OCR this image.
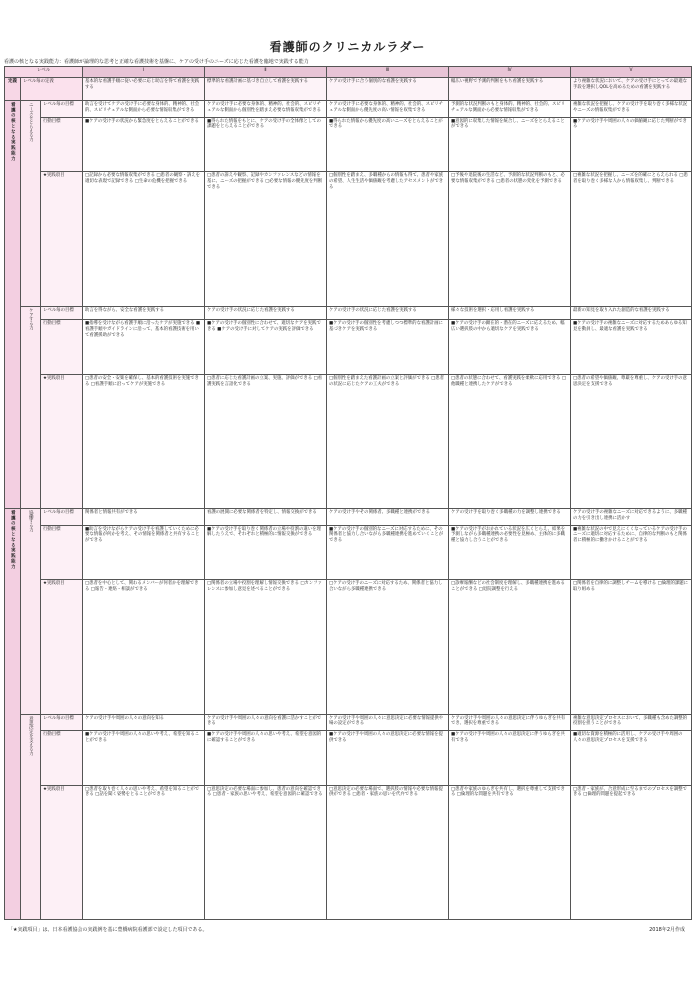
看護師のクリニカルラダー
看護の核となる実践能力：看護師が論理的な思考と正確な看護技術を基盤に、ケアの受け手のニーズに応じた看護を臨地で実践する能力
レベル			Ⅰ	Ⅱ	Ⅲ	Ⅳ	Ⅴ
定義	レベル毎の定義		基本的な看護手順に従い必要に応じ助言を得て看護を実践する	標準的な看護計画に基づき自立して看護を実践する	ケアの受け手に合う個別的な看護を実践する	幅広い視野で予測的判断をもち看護を実践する	より複雑な状況において、ケアの受け手にとっての最適な手段を選択しQOLを高めるための看護を実践する
看護の核となる実践能力	ニーズをとらえる力	レベル毎の目標	助言を受けてケアの受け手に必要な身体的、精神的、社会的、スピリチュアルな側面から必要な情報収集ができる	ケアの受け手に必要な身体的、精神的、社会的、スピリチュアルな側面から個別性を踏まえ必要な情報収集ができる	ケアの受け手に必要な身体的、精神的、社会的、スピリチュアルな側面から優先度の高い情報を収集できる	予測的な状況判断のもと身体的、精神的、社会的、スピリチュアルな側面から必要な情報収集ができる	複雑な状況を把握し、ケアの受け手を取り巻く多様な状況やニーズの情報収集ができる
		行動目標	■ケアの受け手の状況から緊急度をとらえることができる	■得られた情報をもとに、ケアの受け手の全体像としての課題をとらえることができる	■得られた情報から優先度の高いニーズをとらえることができる	■意図的に収集した情報を統合し、ニーズをとらえることができる	■ケアの受け手や周囲の人々の価値観に応じた判断ができる
		★実践項目	□記録から必要な情報収集ができる □患者の観察・訴えを適切な表現で記録できる □生命の危機を把握できる	□患者の訴えや観察、記録やカンファレンスなどの情報を基に、ニーズの把握ができる □必要な情報の優先度を判断できる	□個別性を踏まえ、多職種からの情報も得て、患者や家族の希望、人生生活や価値観を考慮したアセスメントができる	□予後や退院後の生活など、予測的な状況判断のもと、必要な情報収集ができる □患者の状態の変化を予測できる	□複雑な状況を把握し、ニーズを的確にとらえられる □患者を取り巻く多様な人から情報収集し、判断できる
	ケアする力	レベル毎の目標	助言を得ながら、安全な看護を実践する	ケアの受け手の状況に応じた看護を実践する	ケアの受け手の状況に応じた看護を実践する	様々な技術を選択・応用し看護を実践する	最新の知見を取り入れた創造的な看護を実践する
		行動目標	■指導を受けながら看護手順に沿ったケアが実施できる ■看護手順やガイドラインに沿って、基本的看護技術を用いて看護援助ができる	■ケアの受け手の個別性に合わせて、適切なケアを実践できる ■ケアの受け手に対してケアの実践を評価できる	■ケアの受け手の個別性を考慮しつつ標準的な看護計画に基づきケアを実践できる	■ケアの受け手の顕在的・潜在的ニーズに応えるため、幅広い選択肢の中から適切なケアを実践できる	■ケアの受け手の複雑なニーズに対応するためあらゆる知見を動員し、最適な看護を実践できる
		★実践項目	□患者の安全・安楽を確保し、基本的看護技術を実施できる □看護手順に沿ってケアが実施できる	□患者に応じた看護計画の立案、実施、評価ができる □看護実践を言語化できる	□個別性を踏まえた看護計画の立案と評価ができる □患者の状況に応じたケアの工夫ができる	□患者の状態に合わせて、看護実践を柔軟に応用できる □他職種と連携したケアができる	□患者の希望や価値観、尊厳を尊重し、ケアの受け手の意思決定を支援できる
看護の核となる実践能力	協働する力	レベル毎の目標	関係者と情報共有ができる	看護の展開に必要な関係者を特定し、情報交換ができる	ケアの受け手やその関係者、多職種と連携ができる	ケアの受け手を取り巻く多職種の力を調整し連携できる	ケアの受け手の複雑なニーズに対応できるように、多職種の力を引き出し連携に活かす
		行動目標	■助言を受けながらケアの受け手を看護していくために必要な情報が何かを考え、その情報を関係者と共有することができる	■ケアの受け手を取り巻く関係者の立場や役割の違いを理解したうえで、それぞれと積極的に情報交換ができる	■ケアの受け手の個別的なニーズに対応するために、その関係者と協力し合いながら多職種連携を進めていくことができる	■ケアの受け手がおかれている状況を広くとらえ、結果を予測しながら多職種連携の必要性を見極め、主体的に多職種と協力し合うことができる	■複雑な状況の中で見えにくくなっているケアの受け手のニーズに適切に対応するために、自律的な判断のもと関係者に積極的に働きかけることができる
		★実践項目	□患者を中心として、関わるメンバーが何者かを理解できる □報告・連絡・相談ができる	□関係者の立場や役割を理解し情報交換できる □カンファレンスに参加し意見を述べることができる	□ケアの受け手のニーズに対応するため、関係者と協力し合いながら多職種連携できる	□診療報酬などの社会制度を理解し、多職種連携を進めることができる □退院調整を行える	□関係者を自律的に調整しチームを導ける □倫理的課題に取り組める
	意思決定を支える力	レベル毎の目標	ケアの受け手や周囲の人々の意向を知る	ケアの受け手や周囲の人々の意向を看護に活かすことができる	ケアの受け手や周囲の人々に意思決定に必要な情報提供や場の設定ができる	ケアの受け手や周囲の人々の意思決定に伴うゆらぎを共有でき、選択を尊重できる	複雑な意思決定プロセスにおいて、多職種も含めた調整的役割を担うことができる
		行動目標	■ケアの受け手や周囲の人々の思いや考え、希望を知ることができる	■ケアの受け手や周囲の人々の思いや考え、希望を意図的に確認することができる	■ケアの受け手や周囲の人々の意思決定に必要な情報を提供できる	■ケアの受け手や周囲の人々の意思決定に伴うゆらぎを共有できる	■適切な資源を積極的に活用し、ケアの受け手や周囲の人々の意思決定プロセスを支援できる
		★実践項目	□患者を取り巻く人々の思いや考え、希望を知ることができる □話を聞く姿勢をとることができる	□意思決定の必要な場面に参加し、患者の意向を確認できる □患者・家族の思いや考え、希望を意図的に確認できる	□意思決定の必要な場面で、選択肢の情報や必要な情報提供ができる □患者・家族の思いを代弁できる	□患者や家族のゆらぎを共有し、選択を尊重して支援できる □倫理的な問題を共有できる	□患者・家族が、合意形成に至るまでのプロセスを調整できる □倫理的問題を提起できる
「★実践項目」は、日本看護協会の実践例を基に豊橋病院看護部で設定した項目である。	2018年2月作成
